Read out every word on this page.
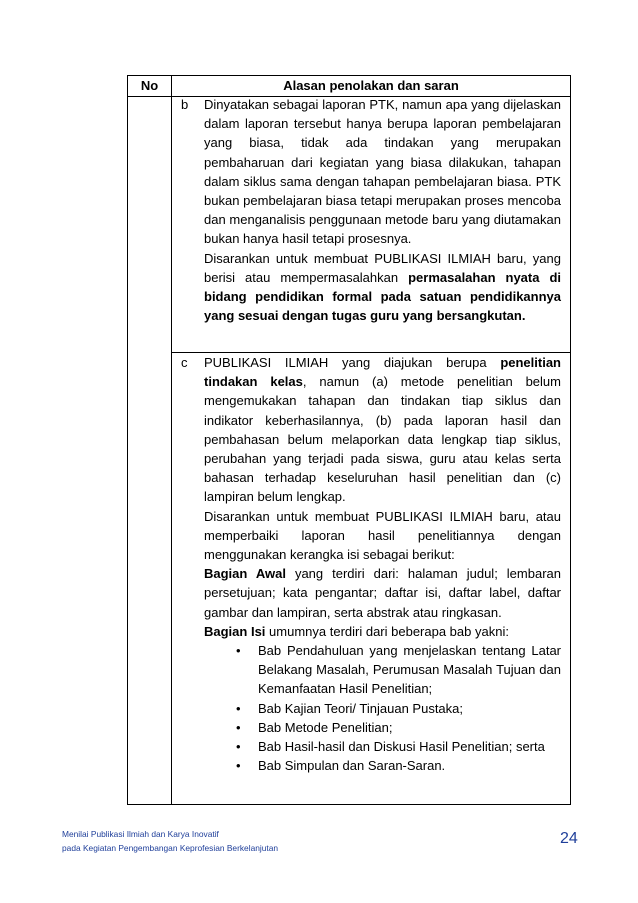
No	Alasan penolakan dan saran
b Dinyatakan sebagai laporan PTK, namun apa yang dijelaskan dalam laporan tersebut hanya berupa laporan pembelajaran yang biasa, tidak ada tindakan yang merupakan pembaharuan dari kegiatan yang biasa dilakukan, tahapan dalam siklus sama dengan tahapan pembelajaran biasa. PTK bukan pembelajaran biasa tetapi merupakan proses mencoba dan menganalisis penggunaan metode baru yang diutamakan bukan hanya hasil tetapi prosesnya.

Disarankan untuk membuat PUBLIKASI ILMIAH baru, yang berisi atau mempermasalahkan permasalahan nyata di bidang pendidikan formal pada satuan pendidikannya yang sesuai dengan tugas guru yang bersangkutan.

c PUBLIKASI ILMIAH yang diajukan berupa penelitian tindakan kelas, namun (a) metode penelitian belum mengemukakan tahapan dan tindakan tiap siklus dan indikator keberhasilannya, (b) pada laporan hasil dan pembahasan belum melaporkan data lengkap tiap siklus, perubahan yang terjadi pada siswa, guru atau kelas serta bahasan terhadap keseluruhan hasil penelitian dan (c) lampiran belum lengkap.

Disarankan untuk membuat PUBLIKASI ILMIAH baru, atau memperbaiki laporan hasil penelitiannya dengan menggunakan kerangka isi sebagai berikut:

Bagian Awal yang terdiri dari: halaman judul; lembaran persetujuan; kata pengantar; daftar isi, daftar label, daftar gambar dan lampiran, serta abstrak atau ringkasan.

Bagian Isi umumnya terdiri dari beberapa bab yakni:

• Bab Pendahuluan yang menjelaskan tentang Latar Belakang Masalah, Perumusan Masalah Tujuan dan Kemanfaatan Hasil Penelitian;
• Bab Kajian Teori/ Tinjauan Pustaka;
• Bab Metode Penelitian;
• Bab Hasil-hasil dan Diskusi Hasil Penelitian; serta
• Bab Simpulan dan Saran-Saran.
Menilai Publikasi Ilmiah dan Karya Inovatif
pada Kegiatan Pengembangan Keprofesian Berkelanjutan
24
